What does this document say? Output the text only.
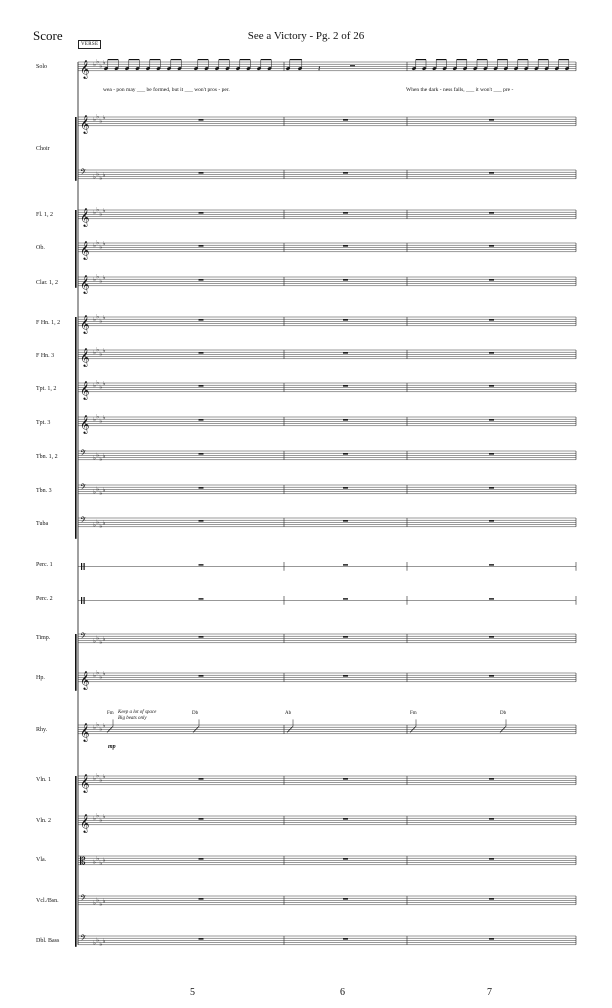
Score	See a Victory - Pg. 2 of 26
VERSE
𝄞 ♭ ♭
♭ ♭
𝄞 ♭ ♭
♭ ♭
𝄢 ♭ ♭
♭ ♭
𝄞 ♭ ♭
♭ ♭
𝄞 ♭ ♭
♭ ♭
𝄞 ♭ ♭
♭ ♭
𝄞 ♭ ♭
♭ ♭
𝄞 ♭ ♭
♭ ♭
𝄞 ♭ ♭
♭ ♭
𝄞 ♭ ♭
♭ ♭
𝄢 ♭ ♭
♭ ♭
𝄢 ♭ ♭
♭ ♭
𝄢 ♭ ♭
♭ ♭
𝄢 ♭ ♭
♭ ♭
𝄞 ♭ ♭
♭ ♭
𝄞 ♭ ♭
♭ ♭
𝄞 ♭ ♭
♭ ♭
𝄞 ♭ ♭
♭ ♭
𝄡 ♭ ♭
♭ ♭
𝄢 ♭ ♭
♭ ♭
𝄢 ♭ ♭
♭ ♭
𝄽
Solo
Choir
Fl. 1, 2
Ob.
Clar. 1, 2
F Hn. 1, 2
F Hn. 3
Tpt. 1, 2
Tpt. 3
Tbn. 1, 2
Tbn. 3
Tuba
Perc. 1
Perc. 2
Timp.
Hp.
Rhy.
Vln. 1
Vln. 2
Vla.
Vcl./Bsn.
Dbl. Bass
wea - pon may ___ be formed, but it ___ won't pros - per.	When the dark - ness falls, ___ it won't ___ pre -
Keep a lot of space
Big beats only
mp
Fm	Db	Ab	Fm	Db
5	6	7
